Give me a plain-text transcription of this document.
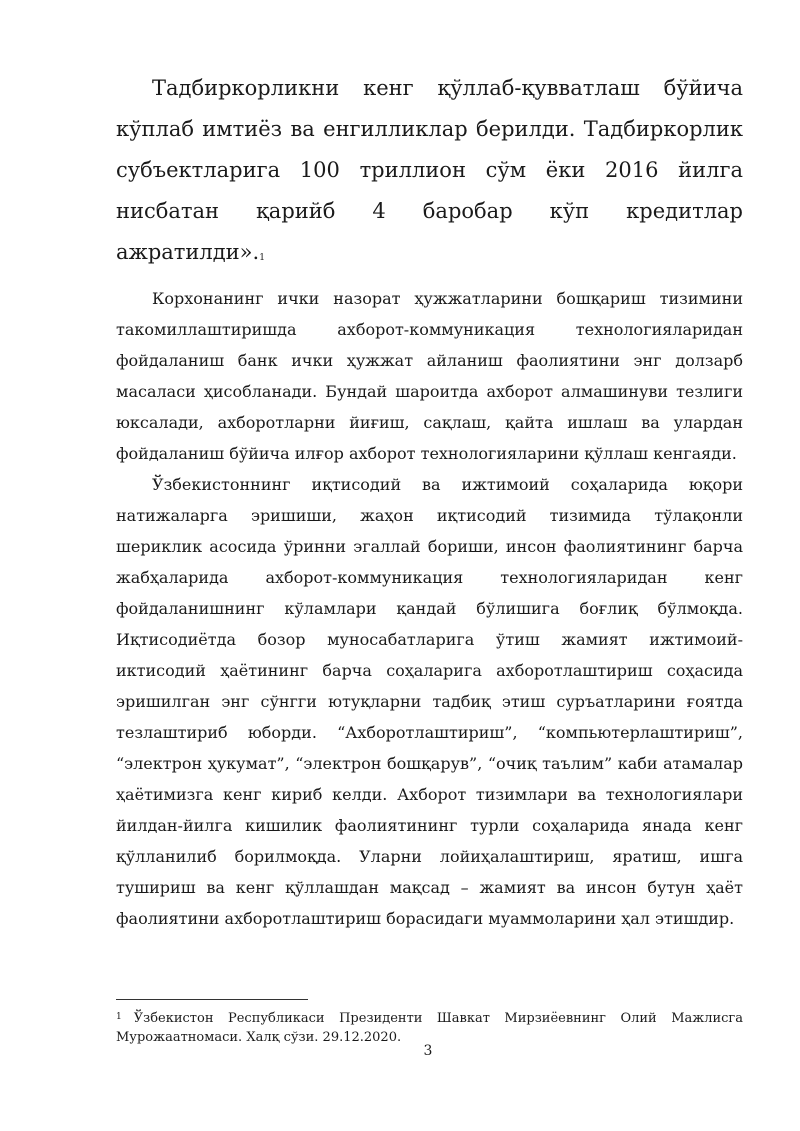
Тадбиркорликни кенг қўллаб-қувватлаш бўйича кўплаб имтиёз ва енгилликлар берилди. Тадбиркорлик субъектларига 100 триллион сўм ёки 2016 йилга нисбатан қарийб 4 баробар кўп кредитлар ажратилди».$^1$

Корхонанинг ички назорат ҳужжатларини бошқариш тизимини такомиллаштиришда ахборот-коммуникация технологияларидан фойдаланиш банк ички ҳужжат айланиш фаолиятини энг долзарб масаласи ҳисобланади. Бундай шароитда ахборот алмашинуви тезлиги юксалади, ахборотларни йиғиш, сақлаш, қайта ишлаш ва улардан фойдаланиш бўйича илғор ахборот технологияларини қўллаш кенгаяди.

Ўзбекистоннинг иқтисодий ва ижтимоий соҳаларида юқори натижаларга эришиши, жаҳон иқтисодий тизимида тўлақонли шериклик асосида ўринни эгаллай бориши, инсон фаолиятининг барча жабҳаларида ахборот-коммуникация технологияларидан кенг фойдаланишнинг кўламлари қандай бўлишига боғлиқ бўлмоқда. Иқтисодиётда бозор муносабатларига ўтиш жамият ижтимоий-иктисодий ҳаётининг барча соҳаларига ахборотлаштириш соҳасида эришилган энг сўнгги ютуқларни тадбиқ этиш суръатларини ғоятда тезлаштириб юборди. “Ахборотлаштириш”, “компьютерлаштириш”, “электрон ҳукумат”, “электрон бошқарув”, “очиқ таълим” каби атамалар ҳаётимизга кенг кириб келди. Ахборот тизимлари ва технологиялари йилдан-йилга кишилик фаолиятининг турли соҳаларида янада кенг қўлланилиб борилмоқда. Уларни лойиҳалаштириш, яратиш, ишга тушириш ва кенг қўллашдан мақсад – жамият ва инсон бутун ҳаёт фаолиятини ахборотлаштириш борасидаги муаммоларини ҳал этишдир.

$^1$ Ўзбекистон Республикаси Президенти Шавкат Мирзиёевнинг Олий Мажлисга Мурожаатномаси. Халқ сўзи. 29.12.2020.

3
